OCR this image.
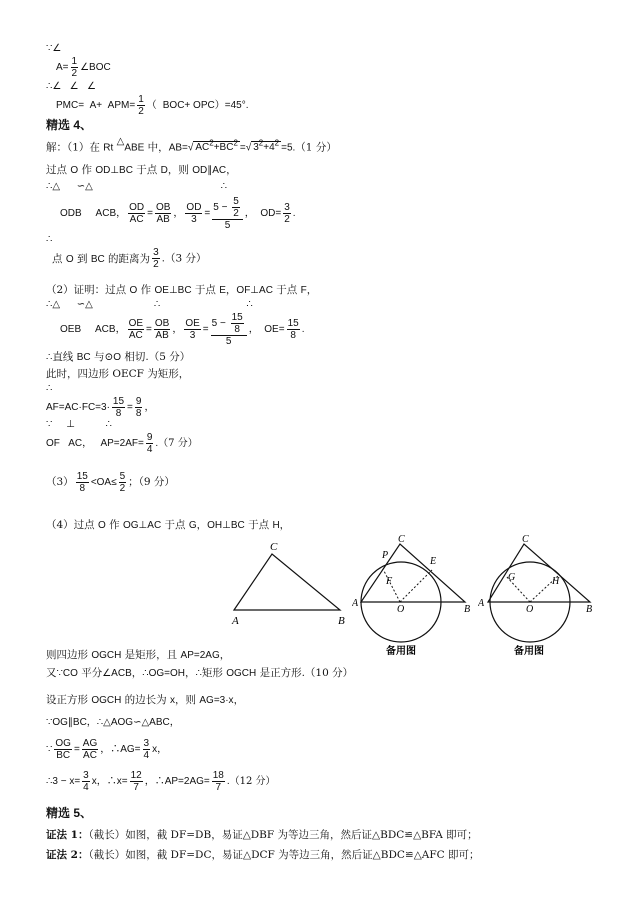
∵∠
$A= \frac{1}{2}$ ∠BOC
∴∠   ∠   ∠
$PMC= A+ APM= \frac{1}{2}$ （ BOC+ OPC）=45°.
精选 4、
解：（1）在 Rt △ABE 中，AB=√ $AC^2+BC^2$ =√ $3^2+4^2 =5.(1$ 分）
过点 O 作 OD⊥BC 于点 D，则 OD∥AC，
∴△      ∽△                                              ∴
ODB     ACB， $\frac{OD}{AC} = \frac{OB}{AB}$ ， $\frac{OD}{3} = \frac{5 - \frac{5}{2}}{5}$ ，  $OD= \frac{3}{2}$ .
∴
点 O 到 BC 的距离为 $\frac{3}{2} .(3$ 分）
（2）证明：过点 O 作 OE⊥BC 于点 E，OF⊥AC 于点 F，
∴△      ∽△                      ∴                               ∴
OEB     ACB， $\frac{OE}{AC} = \frac{OB}{AB}$ ， $\frac{OE}{3} = \frac{5 - \frac{15}{8}}{5}$ ，  $OE= \frac{15}{8}$ .
∴直线 BC 与⊙O 相切.（5 分）
此时，四边形 OECF 为矩形，
∴
$AF=AC\cdot FC=3\cdot \frac{15}{8} = \frac{9}{8}$ ，
∵     ⊥           ∴
OF   AC，   $AP=2AF= \frac{9}{4} .(7$ 分）
$(3) \frac{15}{8} <OA\le \frac{5}{2}$ ；（9 分）
（4）过点 O 作 OG⊥AC 于点 G，OH⊥BC 于点 H，
C
A	B
C
P
E
F
O
A
B
备用图
C
G	H
O
A
B
备用图
则四边形 OGCH 是矩形，且 AP=2AG，
又∵CO 平分∠ACB，∴OG=OH，∴矩形 OGCH 是正方形.（10 分）
设正方形 OGCH 的边长为 x，则 AG=3·x，
∵OG∥BC，∴△AOG∽△ABC，
∵ $\frac{OG}{BC} = \frac{AG}{AC}$ ，∴AG= $\frac{3}{4}$ x，
∴3 − $x= \frac{3}{4}$ x，∴x= $\frac{12}{7}$ ，∴AP=2AG= $\frac{18}{7} .(12$ 分）
精选 5、
证法 1：（截长）如图，截 DF=DB，易证△DBF 为等边三角，然后证△BDC≌△BFA 即可；
证法 2：（截长）如图，截 DF=DC，易证△DCF 为等边三角，然后证△BDC≌△AFC 即可；
